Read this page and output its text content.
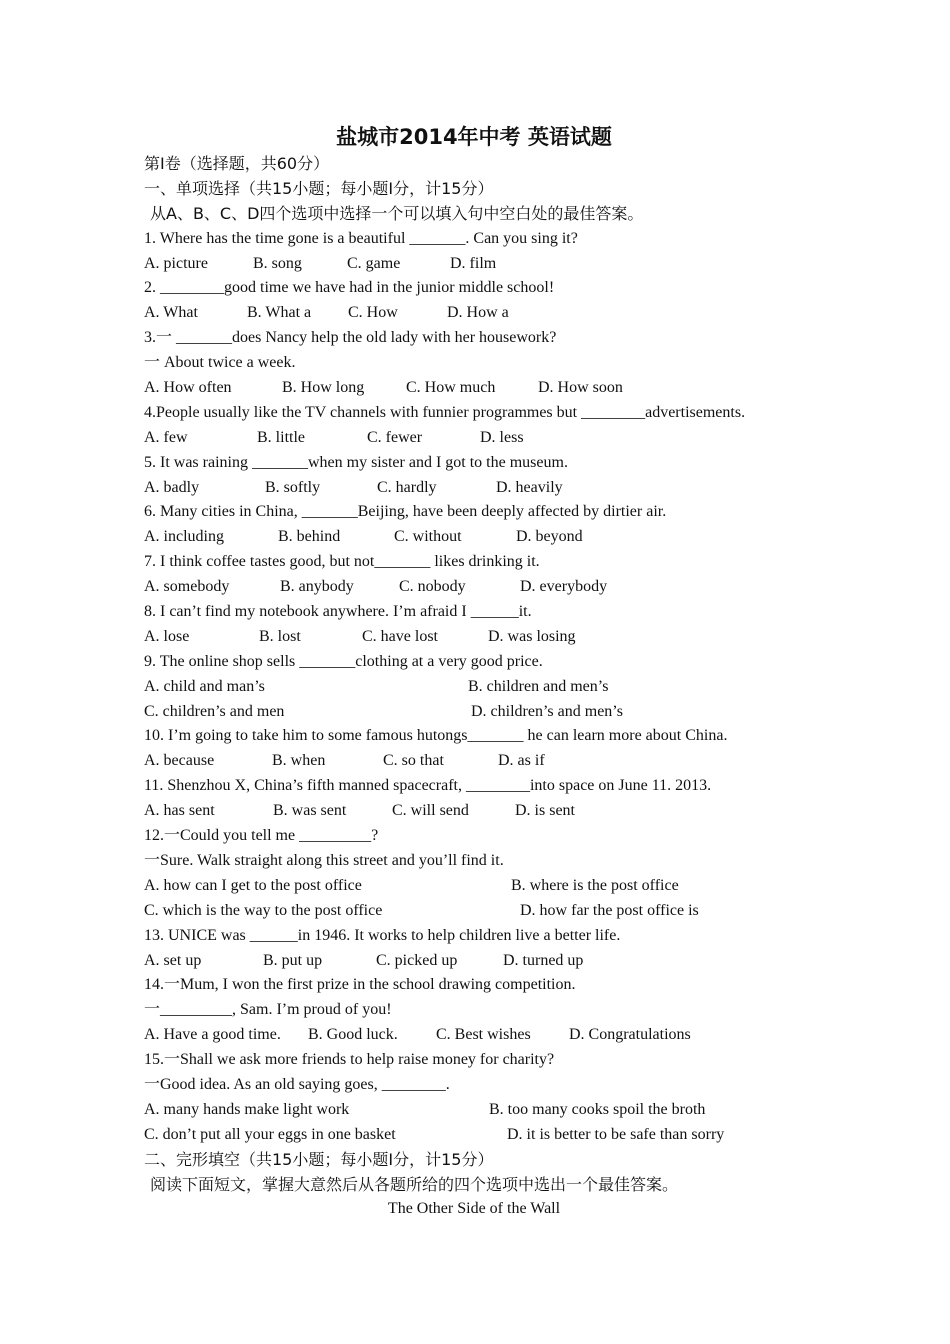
盐城市2014年中考 英语试题
第Ⅰ卷（选择题，共60分）
一、单项选择（共15小题；每小题Ⅰ分，计15分）
从A、B、C、D四个选项中选择一个可以填入句中空白处的最佳答案。
1. Where has the time gone is a beautiful _______. Can you sing it?
A. picture	B. song	C. game	D. film
2. ________good time we have had in the junior middle school!
A. What	B. What a C. How	D. How a
3.一 _______does Nancy help the old lady with her housework?
一 About twice a week.
A. How often	B. How long	C. How much	D. How soon
4.People usually like the TV channels with funnier programmes but ________advertisements.
A. few	B. little	C. fewer	D. less
5. It was raining _______when my sister and I got to the museum.
A. badly	B. softly	C. hardly	D. heavily
6. Many cities in China, _______Beijing, have been deeply affected by dirtier air.
A. including	B. behind	C. without	D. beyond
7. I think coffee tastes good, but not_______ likes drinking it.
A. somebody	B. anybody	C. nobody	D. everybody
8. I can’t find my notebook anywhere. I’m afraid I ______it.
A. lose	B. lost	C. have lost	D. was losing
9. The online shop sells _______clothing at a very good price.
A. child and man’s	B. children and men’s
C. children’s and men	D. children’s and men’s
10. I’m going to take him to some famous hutongs_______ he can learn more about China.
A. because	B. when	C. so that	D. as if
11. Shenzhou X, China’s fifth manned spacecraft, ________into space on June 11. 2013.
A. has sent	B. was sent	C. will send	D. is sent
12.一Could you tell me _________?
一Sure. Walk straight along this street and you’ll find it.
A. how can I get to the post office	B. where is the post office
C. which is the way to the post office	D. how far the post office is
13. UNICE was ______in 1946. It works to help children live a better life.
A. set up	B. put up	C. picked up	D. turned up
14.一Mum, I won the first prize in the school drawing competition.
一_________, Sam. I’m proud of you!
A. Have a good time. B. Good luck. C. Best wishes D. Congratulations
15.一Shall we ask more friends to help raise money for charity?
一Good idea. As an old saying goes, ________.
A. many hands make light work	B. too many cooks spoil the broth
C. don’t put all your eggs in one basket	D. it is better to be safe than sorry
二、完形填空（共15小题；每小题Ⅰ分，计15分）
阅读下面短文，掌握大意然后从各题所给的四个选项中选出一个最佳答案。
The Other Side of the Wall
